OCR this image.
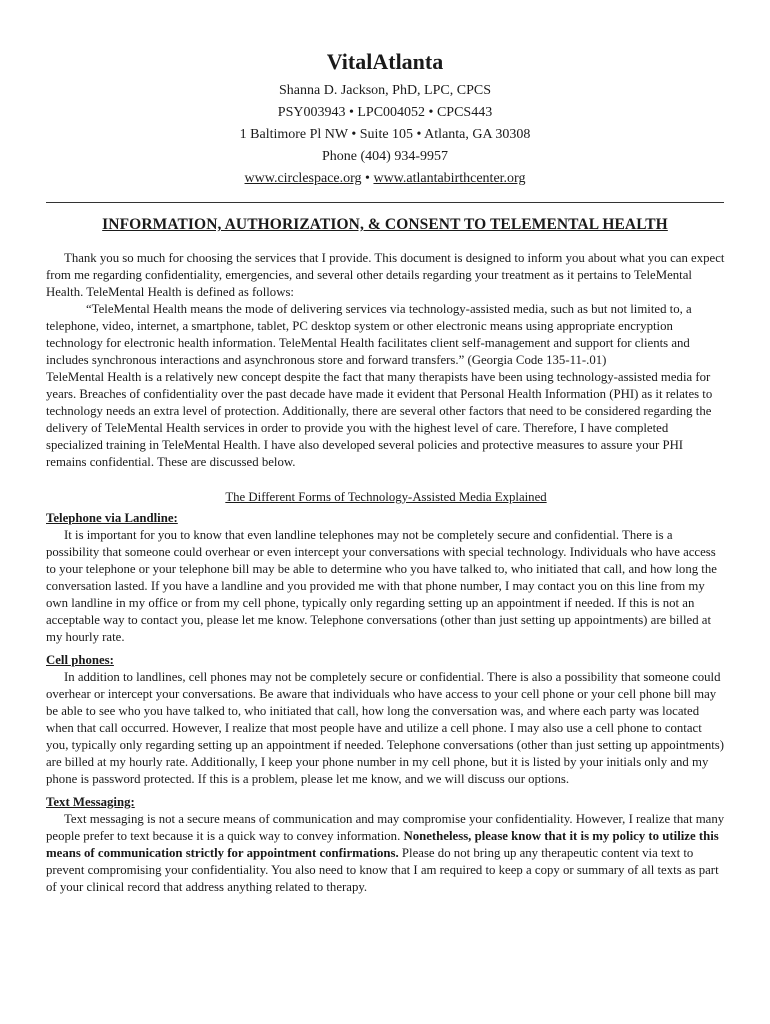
VitalAtlanta

Shanna D. Jackson, PhD, LPC, CPCS

PSY003943 • LPC004052 • CPCS443

1 Baltimore Pl NW • Suite 105 • Atlanta, GA 30308

Phone (404) 934-9957

www.circlespace.org • www.atlantabirthcenter.org

INFORMATION, AUTHORIZATION, & CONSENT TO TELEMENTAL HEALTH

Thank you so much for choosing the services that I provide. This document is designed to inform you about what you can expect from me regarding confidentiality, emergencies, and several other details regarding your treatment as it pertains to TeleMental Health. TeleMental Health is defined as follows:

“TeleMental Health means the mode of delivering services via technology-assisted media, such as but not limited to, a telephone, video, internet, a smartphone, tablet, PC desktop system or other electronic means using appropriate encryption technology for electronic health information. TeleMental Health facilitates client self-management and support for clients and includes synchronous interactions and asynchronous store and forward transfers.” (Georgia Code 135-11-.01)

TeleMental Health is a relatively new concept despite the fact that many therapists have been using technology-assisted media for years. Breaches of confidentiality over the past decade have made it evident that Personal Health Information (PHI) as it relates to technology needs an extra level of protection. Additionally, there are several other factors that need to be considered regarding the delivery of TeleMental Health services in order to provide you with the highest level of care. Therefore, I have completed specialized training in TeleMental Health. I have also developed several policies and protective measures to assure your PHI remains confidential. These are discussed below.

The Different Forms of Technology-Assisted Media Explained

Telephone via Landline:

It is important for you to know that even landline telephones may not be completely secure and confidential. There is a possibility that someone could overhear or even intercept your conversations with special technology. Individuals who have access to your telephone or your telephone bill may be able to determine who you have talked to, who initiated that call, and how long the conversation lasted. If you have a landline and you provided me with that phone number, I may contact you on this line from my own landline in my office or from my cell phone, typically only regarding setting up an appointment if needed. If this is not an acceptable way to contact you, please let me know. Telephone conversations (other than just setting up appointments) are billed at my hourly rate.

Cell phones:

In addition to landlines, cell phones may not be completely secure or confidential. There is also a possibility that someone could overhear or intercept your conversations. Be aware that individuals who have access to your cell phone or your cell phone bill may be able to see who you have talked to, who initiated that call, how long the conversation was, and where each party was located when that call occurred. However, I realize that most people have and utilize a cell phone. I may also use a cell phone to contact you, typically only regarding setting up an appointment if needed. Telephone conversations (other than just setting up appointments) are billed at my hourly rate. Additionally, I keep your phone number in my cell phone, but it is listed by your initials only and my phone is password protected. If this is a problem, please let me know, and we will discuss our options.

Text Messaging:

Text messaging is not a secure means of communication and may compromise your confidentiality. However, I realize that many people prefer to text because it is a quick way to convey information. Nonetheless, please know that it is my policy to utilize this means of communication strictly for appointment confirmations. Please do not bring up any therapeutic content via text to prevent compromising your confidentiality. You also need to know that I am required to keep a copy or summary of all texts as part of your clinical record that address anything related to therapy.
